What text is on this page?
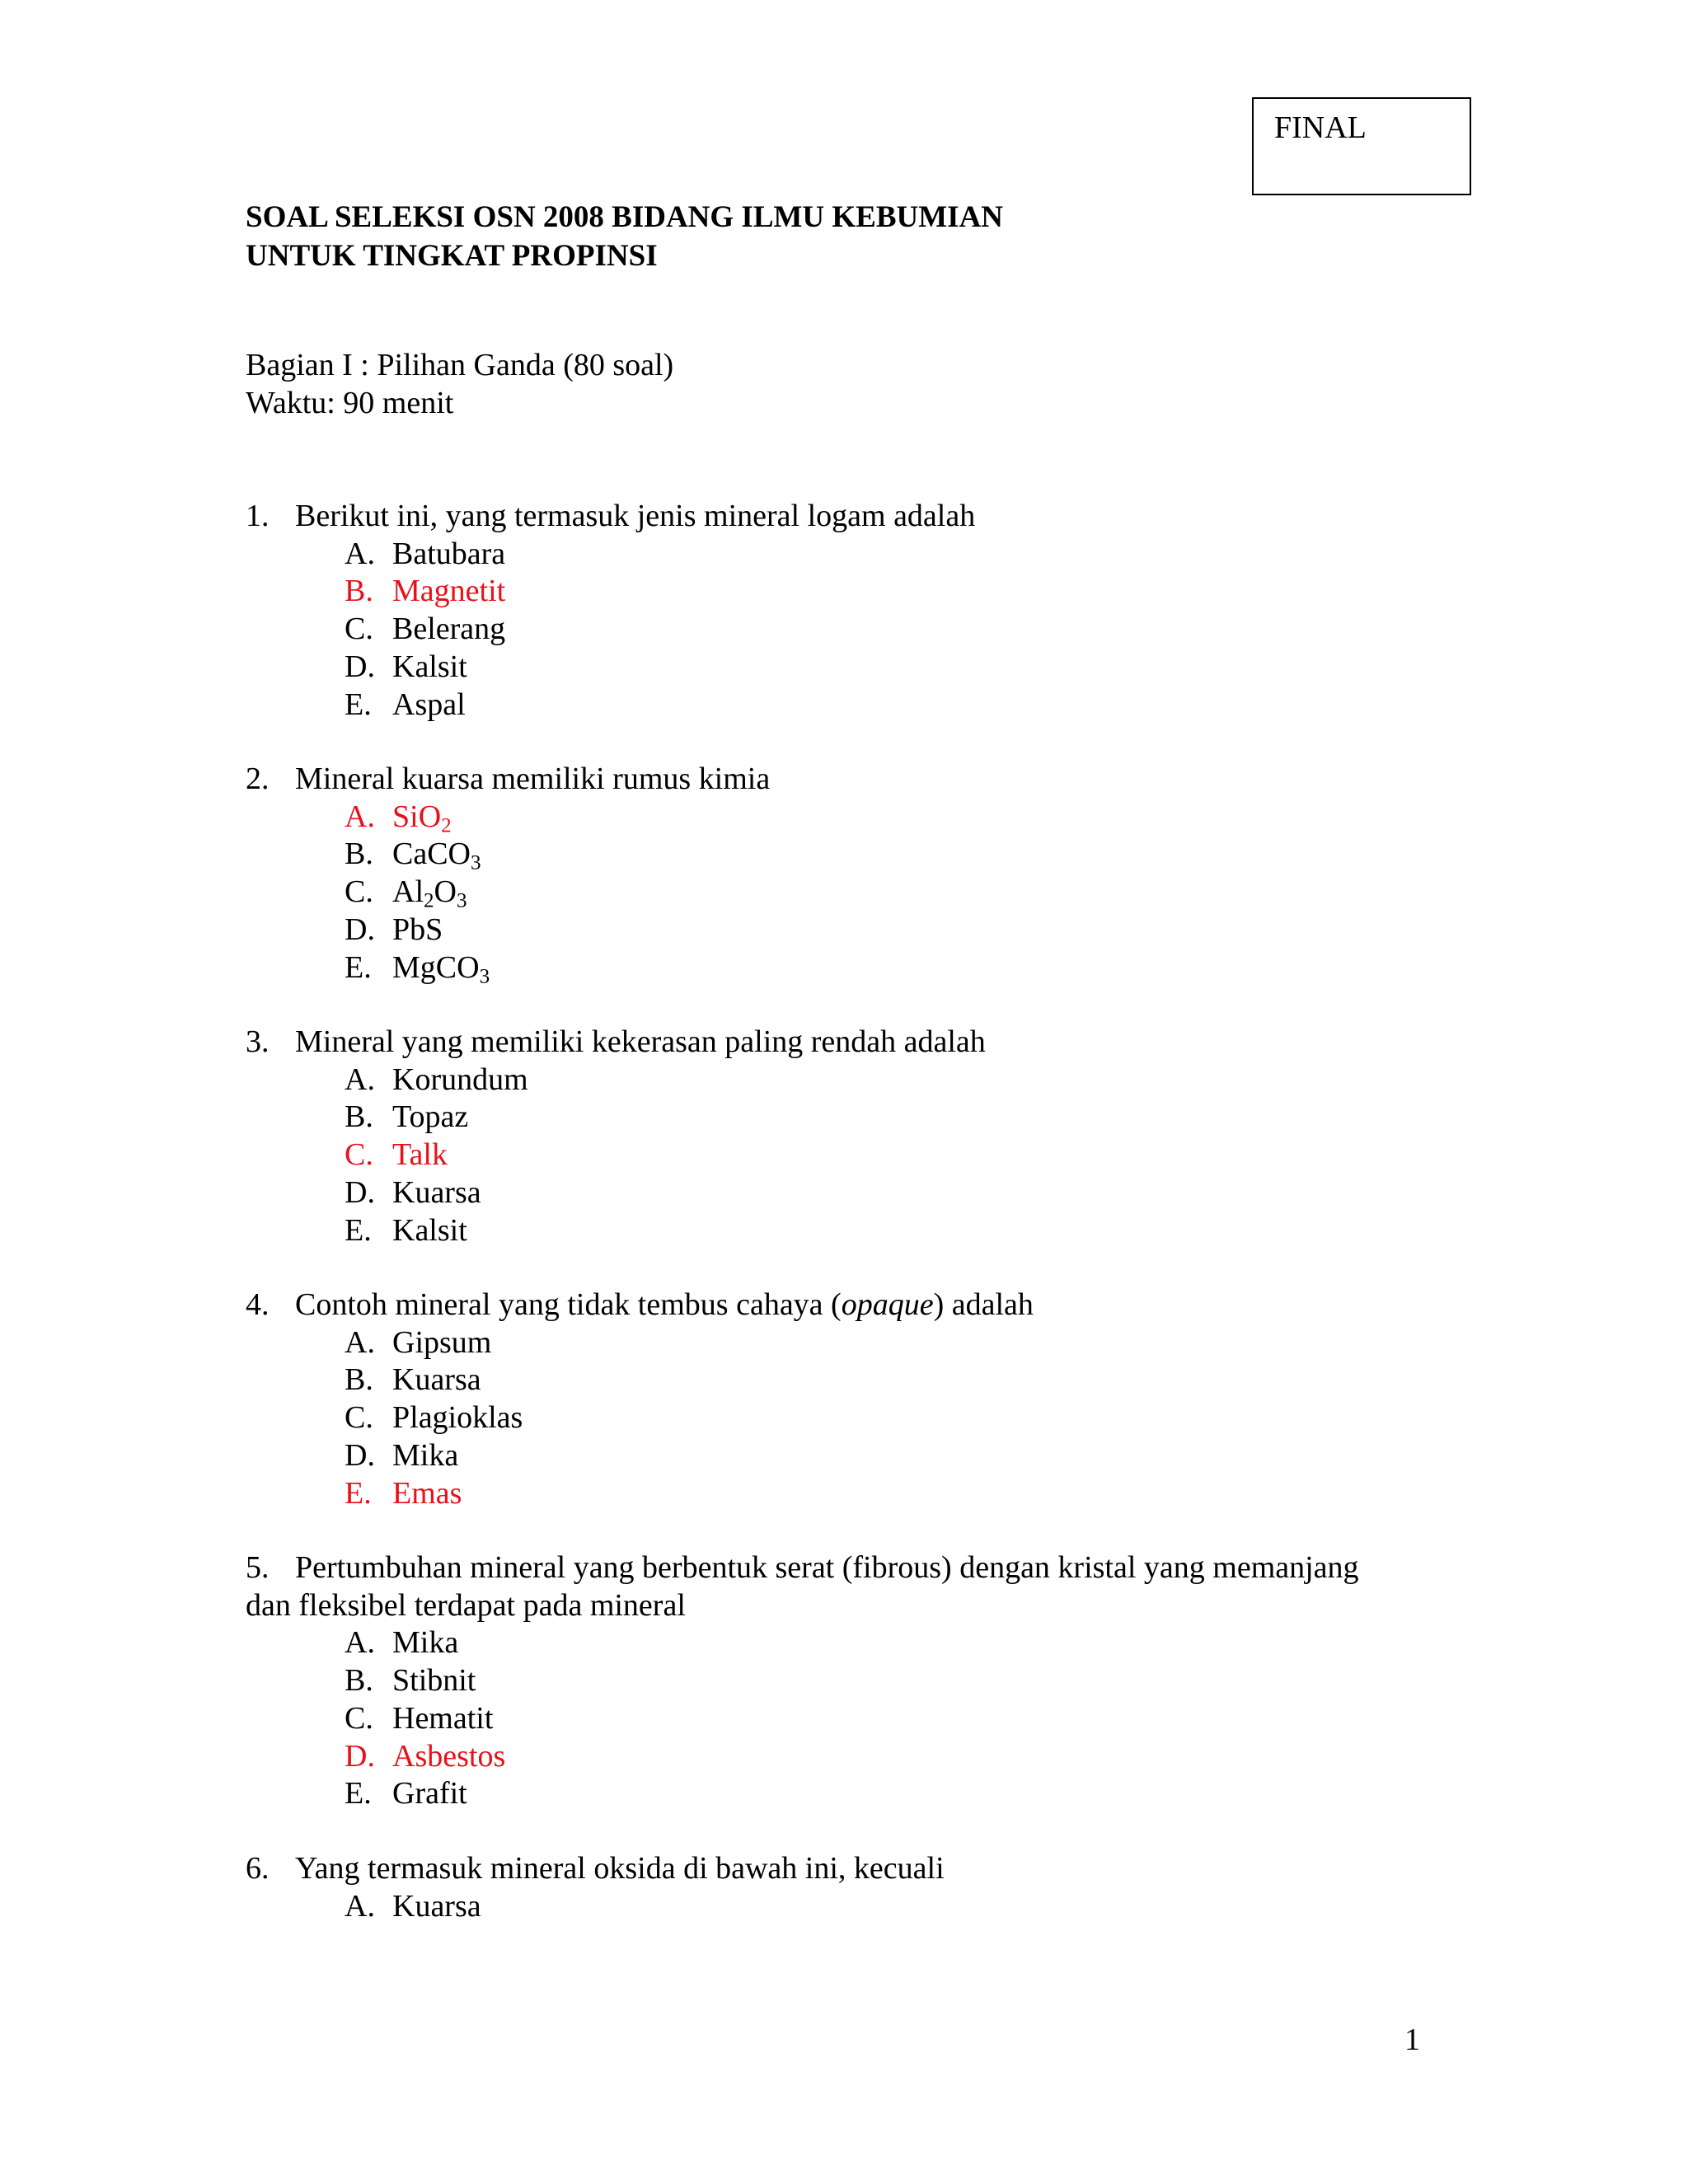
FINAL
SOAL SELEKSI OSN 2008 BIDANG ILMU KEBUMIAN
UNTUK TINGKAT PROPINSI
Bagian I : Pilihan Ganda (80 soal)
Waktu: 90 menit
1. Berikut ini, yang termasuk jenis mineral logam adalah
A. Batubara
B. Magnetit
C. Belerang
D. Kalsit
E. Aspal
2. Mineral kuarsa memiliki rumus kimia
A. SiO$_2$
B. CaCO$_3$
C. $Al_2O_3$
D. PbS
E. MgCO$_3$
3. Mineral yang memiliki kekerasan paling rendah adalah
A. Korundum
B. Topaz
C. Talk
D. Kuarsa
E. Kalsit
4. Contoh mineral yang tidak tembus cahaya (opaque) adalah
A. Gipsum
B. Kuarsa
C. Plagioklas
D. Mika
E. Emas
5. Pertumbuhan mineral yang berbentuk serat (fibrous) dengan kristal yang memanjang
dan fleksibel terdapat pada mineral
A. Mika
B. Stibnit
C. Hematit
D. Asbestos
E. Grafit
6. Yang termasuk mineral oksida di bawah ini, kecuali
A. Kuarsa
1
